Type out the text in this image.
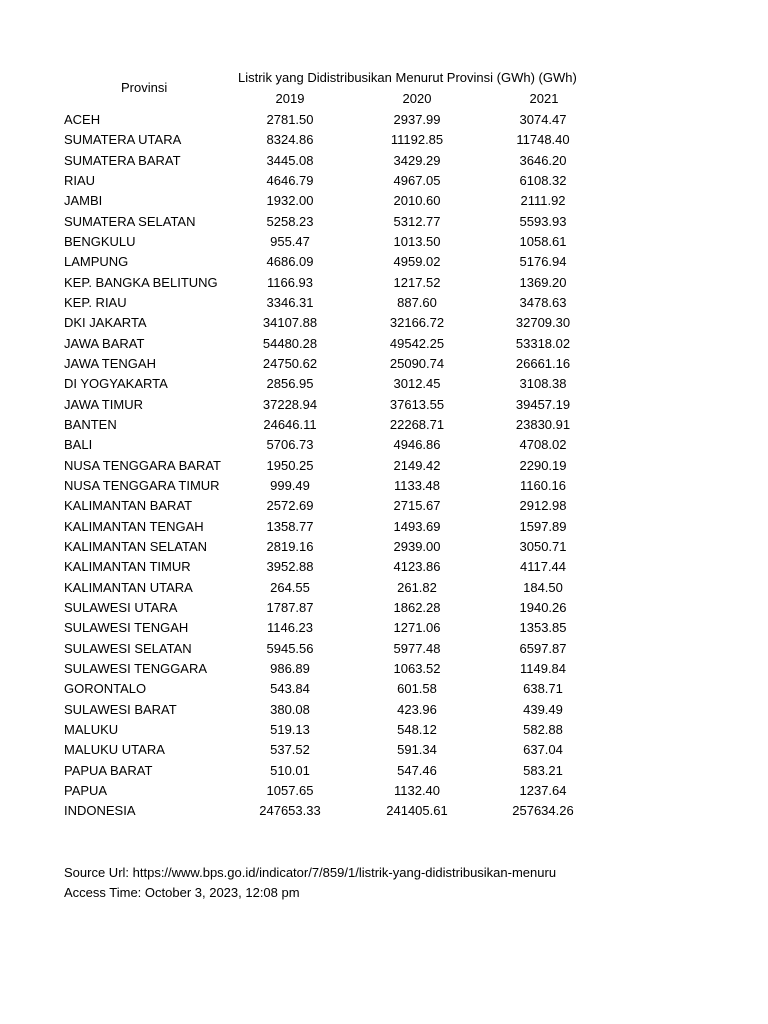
Provinsi
Listrik yang Didistribusikan Menurut Provinsi (GWh) (GWh)
2019	2020	2021
ACEH	2781.50	2937.99	3074.47
SUMATERA UTARA	8324.86	11192.85	11748.40
SUMATERA BARAT	3445.08	3429.29	3646.20
RIAU	4646.79	4967.05	6108.32
JAMBI	1932.00	2010.60	2111.92
SUMATERA SELATAN	5258.23	5312.77	5593.93
BENGKULU	955.47	1013.50	1058.61
LAMPUNG	4686.09	4959.02	5176.94
KEP. BANGKA BELITUNG	1166.93	1217.52	1369.20
KEP. RIAU	3346.31	887.60	3478.63
DKI JAKARTA	34107.88	32166.72	32709.30
JAWA BARAT	54480.28	49542.25	53318.02
JAWA TENGAH	24750.62	25090.74	26661.16
DI YOGYAKARTA	2856.95	3012.45	3108.38
JAWA TIMUR	37228.94	37613.55	39457.19
BANTEN	24646.11	22268.71	23830.91
BALI	5706.73	4946.86	4708.02
NUSA TENGGARA BARAT	1950.25	2149.42	2290.19
NUSA TENGGARA TIMUR	999.49	1133.48	1160.16
KALIMANTAN BARAT	2572.69	2715.67	2912.98
KALIMANTAN TENGAH	1358.77	1493.69	1597.89
KALIMANTAN SELATAN	2819.16	2939.00	3050.71
KALIMANTAN TIMUR	3952.88	4123.86	4117.44
KALIMANTAN UTARA	264.55	261.82	184.50
SULAWESI UTARA	1787.87	1862.28	1940.26
SULAWESI TENGAH	1146.23	1271.06	1353.85
SULAWESI SELATAN	5945.56	5977.48	6597.87
SULAWESI TENGGARA	986.89	1063.52	1149.84
GORONTALO	543.84	601.58	638.71
SULAWESI BARAT	380.08	423.96	439.49
MALUKU	519.13	548.12	582.88
MALUKU UTARA	537.52	591.34	637.04
PAPUA BARAT	510.01	547.46	583.21
PAPUA	1057.65	1132.40	1237.64
INDONESIA	247653.33	241405.61	257634.26
Source Url: https://www.bps.go.id/indicator/7/859/1/listrik-yang-didistribusikan-menuru
Access Time: October 3, 2023, 12:08 pm
